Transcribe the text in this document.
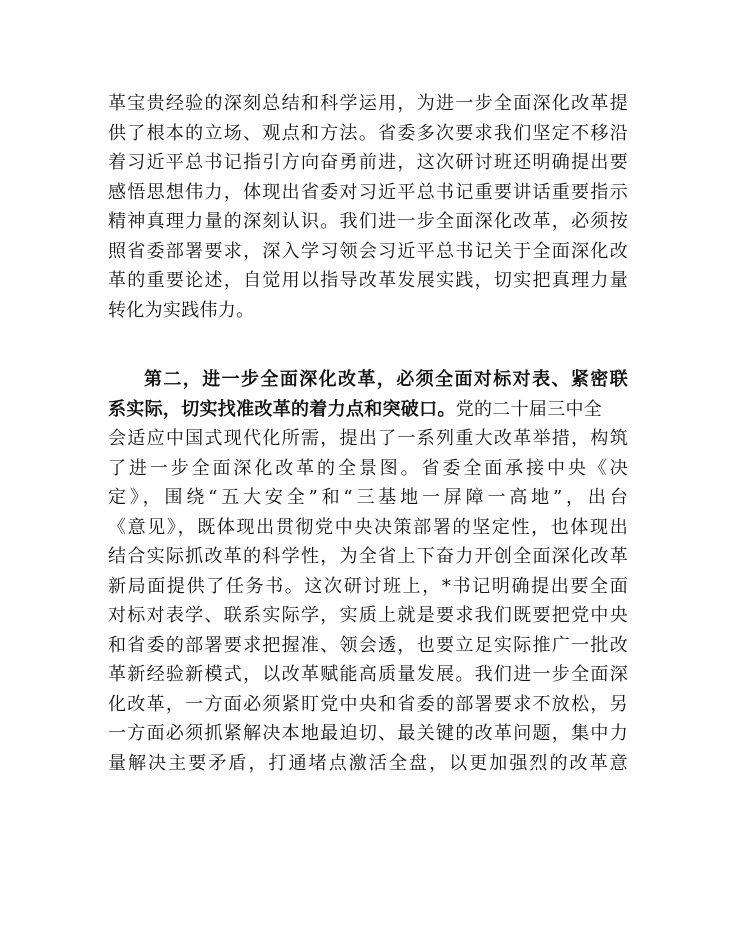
革宝贵经验的深刻总结和科学运用，为进一步全面深化改革提
供了根本的立场、观点和方法。省委多次要求我们坚定不移沿
着习近平总书记指引方向奋勇前进，这次研讨班还明确提出要
感悟思想伟力，体现出省委对习近平总书记重要讲话重要指示
精神真理力量的深刻认识。我们进一步全面深化改革，必须按
照省委部署要求，深入学习领会习近平总书记关于全面深化改
革的重要论述，自觉用以指导改革发展实践，切实把真理力量
转化为实践伟力。
第二，进一步全面深化改革，必须全面对标对表、紧密联
系实际，切实找准改革的着力点和突破口。党的二十届三中全
会适应中国式现代化所需，提出了一系列重大改革举措，构筑
了进一步全面深化改革的全景图。省委全面承接中央《决
定》，围绕“五大安全”和“三基地一屏障一高地”，出台
《意见》，既体现出贯彻党中央决策部署的坚定性，也体现出
结合实际抓改革的科学性，为全省上下奋力开创全面深化改革
新局面提供了任务书。这次研讨班上，*书记明确提出要全面
对标对表学、联系实际学，实质上就是要求我们既要把党中央
和省委的部署要求把握准、领会透，也要立足实际推广一批改
革新经验新模式，以改革赋能高质量发展。我们进一步全面深
化改革，一方面必须紧盯党中央和省委的部署要求不放松，另
一方面必须抓紧解决本地最迫切、最关键的改革问题，集中力
量解决主要矛盾，打通堵点激活全盘，以更加强烈的改革意
